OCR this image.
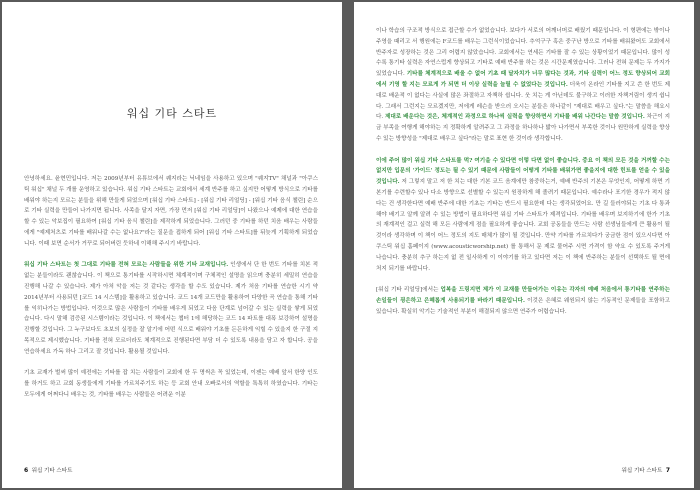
워십 기타 스타트

안녕하세요. 윤현민입니다. 저는 2009년부터 유튜브에서 퀘지라는 닉네임을 사용하고 있으며 "퀘지TV" 채널과 "아쿠스틱 워십" 채널 두 개를 운영하고 있습니다. 워십 기타 스타트는 교회에서 세계 반주를 하고 싶지만 어떻게 방식으로 기타를 배워야 하는지 모르는 분들을 위해 만들게 되었으며 [워십 기타 스타트] - [워십 기타 리얼딩] - [워십 기타 음식 챌린] 순으로 기타 실력을 만들어 나가지면 됩니다. 사족을 달지 자면, 가장 먼저 [워십 기타 리얼딩]이 나왔으나 예제에 대한 연습을 할 수 있는 악보집이 필요하여 [워십 기타 음식 챌린]을 제작하게 되었습니다. 그러던 중 기타를 하던 치음 배우는 사람들에게 "예제처츠로 기타를 배워나갈 수는 없나요?"라는 질문을 접하게 되어 [워십 기타 스타트]를 뒤늦게 기획하게 되었습니다. 이때 보면 순서가 거꾸로 되어버린 듯하네 이해해 주시기 바랍니다.

워십 기타 스타트는 첫 그대로 기타를 전혀 모르는 사람들을 위한 기타 교재입니다. 인생에서 단 한 번도 기타를 치본 적 없는 분들이라도 괜찮습니다. 이 책으로 통기타를 시작하시면 체계적이며 구체적인 설명을 읽으며 충분히 세밀히 연습을 진행해 나갈 수 있습니다. 제가 아처 악을 저는 것 같다는 생각을 할 수도 있습니다. 제가 처음 기타를 연습한 시기 약 2014년부터 사용되던 [코드 14 시스템]을 활용하고 있습니다. 코드 14개 코드만을 활용하여 다양한 곡 연습을 통해 기타를 익히나가는 방법입니다. 이것으로 많은 사람들이 기타를 배우게 되었고 다음 단계로 넘어갈 수 있는 실력을 쌓게 되었습니다. 다시 말해 검증된 시스템이라는 것입니다. 이 책에서는 챕터 1에 해당하는 코드 14 파트를 대폭 보강하여 설명을 진행할 것입니다. 그 누구보다도 초보의 실정을 잘 알기에 어떤 식으로 배워야 기초를 든든하게 익힐 수 있을지 한 구절 지목적으로 제시했습니다. 기타를 전혀 모르더라도 체계적으로 진행된다면 부담 더 수 있도록 내용을 담고 자 합니다. 공을 연습하세요 가독 하나 그리고 잘 것입니다. 활용될 것입니다.

기초 교재가 벌써 많이 예전에는 기타를 잡 치는 사람들이 교회에 한 두 명씩은 꼭 있었는데, 이젠는 예배 앞서 한양 인도를 하거도 하고 교회 동생들에게 기타를 가르치주기도 하는 등 교회 안내 오빠로서의 역할을 톡톡히 하였습니다. 기타는 모두에게 어쩌다니 배우는 것, 기타를 배우는 사람들은 어려운 이분

6 워십 기타 스타트

이나 학습의 구조적 방식으로 접근할 수가 없었습니다. 보다가 서로의 어깨너머로 배웠기 때문입니다. 이 형편에는 밖이나 주영을 때리고 서 행원에는 F코드를 배우는 그런식이었습니다. 추억구구 혹은 중구난 방으로 기타를 배워왔어도 교회에서 반주자로 성장하는 것은 그리 어렵지 않았습니다. 교회에서는 연세든 기타를 잘 수 있는 상황이었기 때문입니다. 많이 성수록 통기타 실력은 자연스럽게 향상되고 기타로 예배 반주를 하는 것은 시간문제였습니다. 그러나 전혀 문제는 두 가지가 있었습니다. 기타를 체계적으로 배울 수 없어 기초 때 달자치가 너무 많다는 것과, 기타 실력이 어느 정도 향상되어 교회에서 기영 할 지는 모르게 가 되면 더 이상 실력을 늘릴 수 없었다는 것입니다. 더욱이 온라인 기타를 지고 쓴 한 번도 제대로 배운적 이 없다는 사실에 많은 좌절하고 자책하 쉽니다. 웃 치는 게 아닌데도 불구하고 이러한 자책거림이 생겨 쉽니다. 그래서 그런지는 모르겠지만, 저에게 레슨을 받으러 오시는 분들은 하나같이 "제대로 배우고 싶다."는 말씀을 해요시다. 제대로 배운다는 것은, 체계적인 과정으로 하나씩 실력을 향상하면서 기타를 배워 나간다는 말씀 것입니다. 차근이 지금 부족을 여행게 해야하는 지 정확하게 알려주고 그 과정을 하나하나 밟아 나가면서 부족한 것이나 원만하게 실력을 향상 수 있는 방향성을 "제대로 배우고 싶다"라는 말로 표현 한 것이라 생각합니다.

이에 주어 많이 워십 기타 스타트를 먹? 여기을 수 있다면 이렇 다면 없이 좋습니다. 중요 이 책의 모든 것을 거꺼할 수는 없지만 입문의 '가이드' 정도는 될 수 있기 때문에 사람들이 어떻게 기타를 배워가면 좋을지에 대한 힌트를 얻을 수 있을 것입니다. 저 그렇지 말고 저 한 치는 대한 기본 코드 음계에만 참중하는거, 예배 반주의 기본은 무엇인지, 어떻게 하면 기본기를 수련할수 있나 다소 방향으로 선별할 수 있는지 원장하게 해 졸려기 때문입니다. 예수라나 포기한 경우가 적지 않다는 건 생각한다면 예배 반주에 대한 기초는 기타는 반드시 필요한데 다는 생각되었어요. 만 길 들러야되는 기초 다 통과해야 배기고 알께 알려 수 있는 방법이 필요하다면 워십 기타 스타트가 제격입니다. 기타를 배우며 보지하기에 한가 기초의 재계적인 걸고 실력 해 모든 사람에게 점을 필요하게 좋습니다. 교회 공동들을 만드는 사람 선생님들에게 큰 활용이 될 것이라 생각하며 이 책이 어느 정도의 지도 매체가 많이 될 것입니다. 만약 기타를 가르치다가 궁금한 점이 있으시다면 아쿠스틱 워십 홈페이지 (www.acousticworship.net) 를 통해서 문 제로 물어주 시면 가격이 함 약요 수 있도록 주거게 나습니다. 충분히 추구 하는지 없 전 일사하게 이 이야기를 하고 있다면 저는 이 책에 반주하는 분들이 선택하도 될 면에 처지 되기를 바랍니다.

[워십 기타 리얼딩]에서는 업복을 드링지면 제가 이 교재를 만들어가는 이유는 각자의 예배 처음에서 통기타를 연주하는 손일들이 굉은하고 은혜롭게 사용되기를 바라기 때문입니다. 이것은 은혜로 웨원되지 않는 기동적인 문제들을 포함하고 있습니다. 확실히 악기는 기술적인 부분이 해결되지 않으면 연주가 어렵습니다.

워십 기타 스타트 7
